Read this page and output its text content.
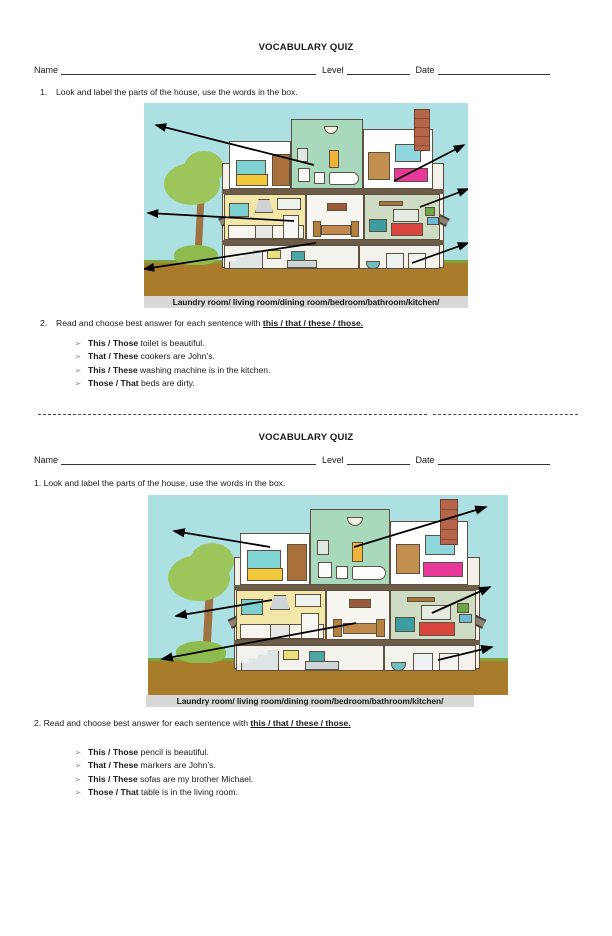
VOCABULARY QUIZ
Name	Level	Date
1. Look and label the parts of the house, use the words in the box.
Laundry room/ living room/dining room/bedroom/bathroom/kitchen/
2. Read and choose best answer for each sentence with this / that / these / those.
➢ This / Those toilet is beautiful.
➢ That / These cookers are John’s.
➢ This / These washing machine is in the kitchen.
➢ Those / That beds are dirty.
VOCABULARY QUIZ
Name	Level	Date
1. Look and label the parts of the house, use the words in the box.
Laundry room/ living room/dining room/bedroom/bathroom/kitchen/
2. Read and choose best answer for each sentence with this / that / these / those.
➢ This / Those pencil is beautiful.
➢ That / These markers are John’s.
➢ This / These sofas are my brother Michael.
➢ Those / That table is in the living room.
